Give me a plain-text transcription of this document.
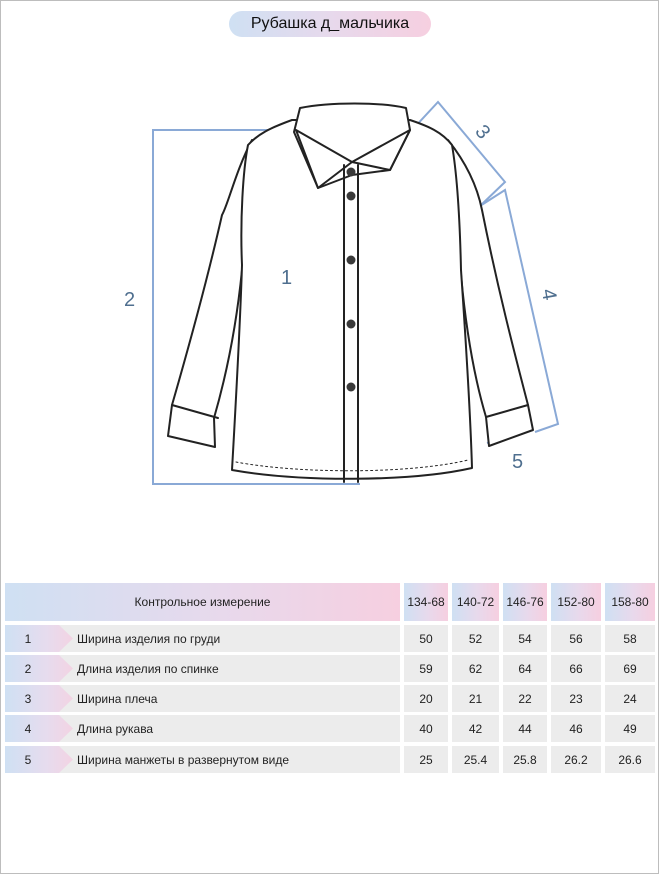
Рубашка д_мальчика
1
2
3
4
5
Контрольное измерение	134-68	140-72	146-76	152-80	158-80
1	Ширина изделия по груди	50	52	54	56	58
2	Длина изделия по спинке	59	62	64	66	69
3	Ширина плеча	20	21	22	23	24
4	Длина рукава	40	42	44	46	49
5	Ширина манжеты в развернутом виде	25	25.4	25.8	26.2	26.6
